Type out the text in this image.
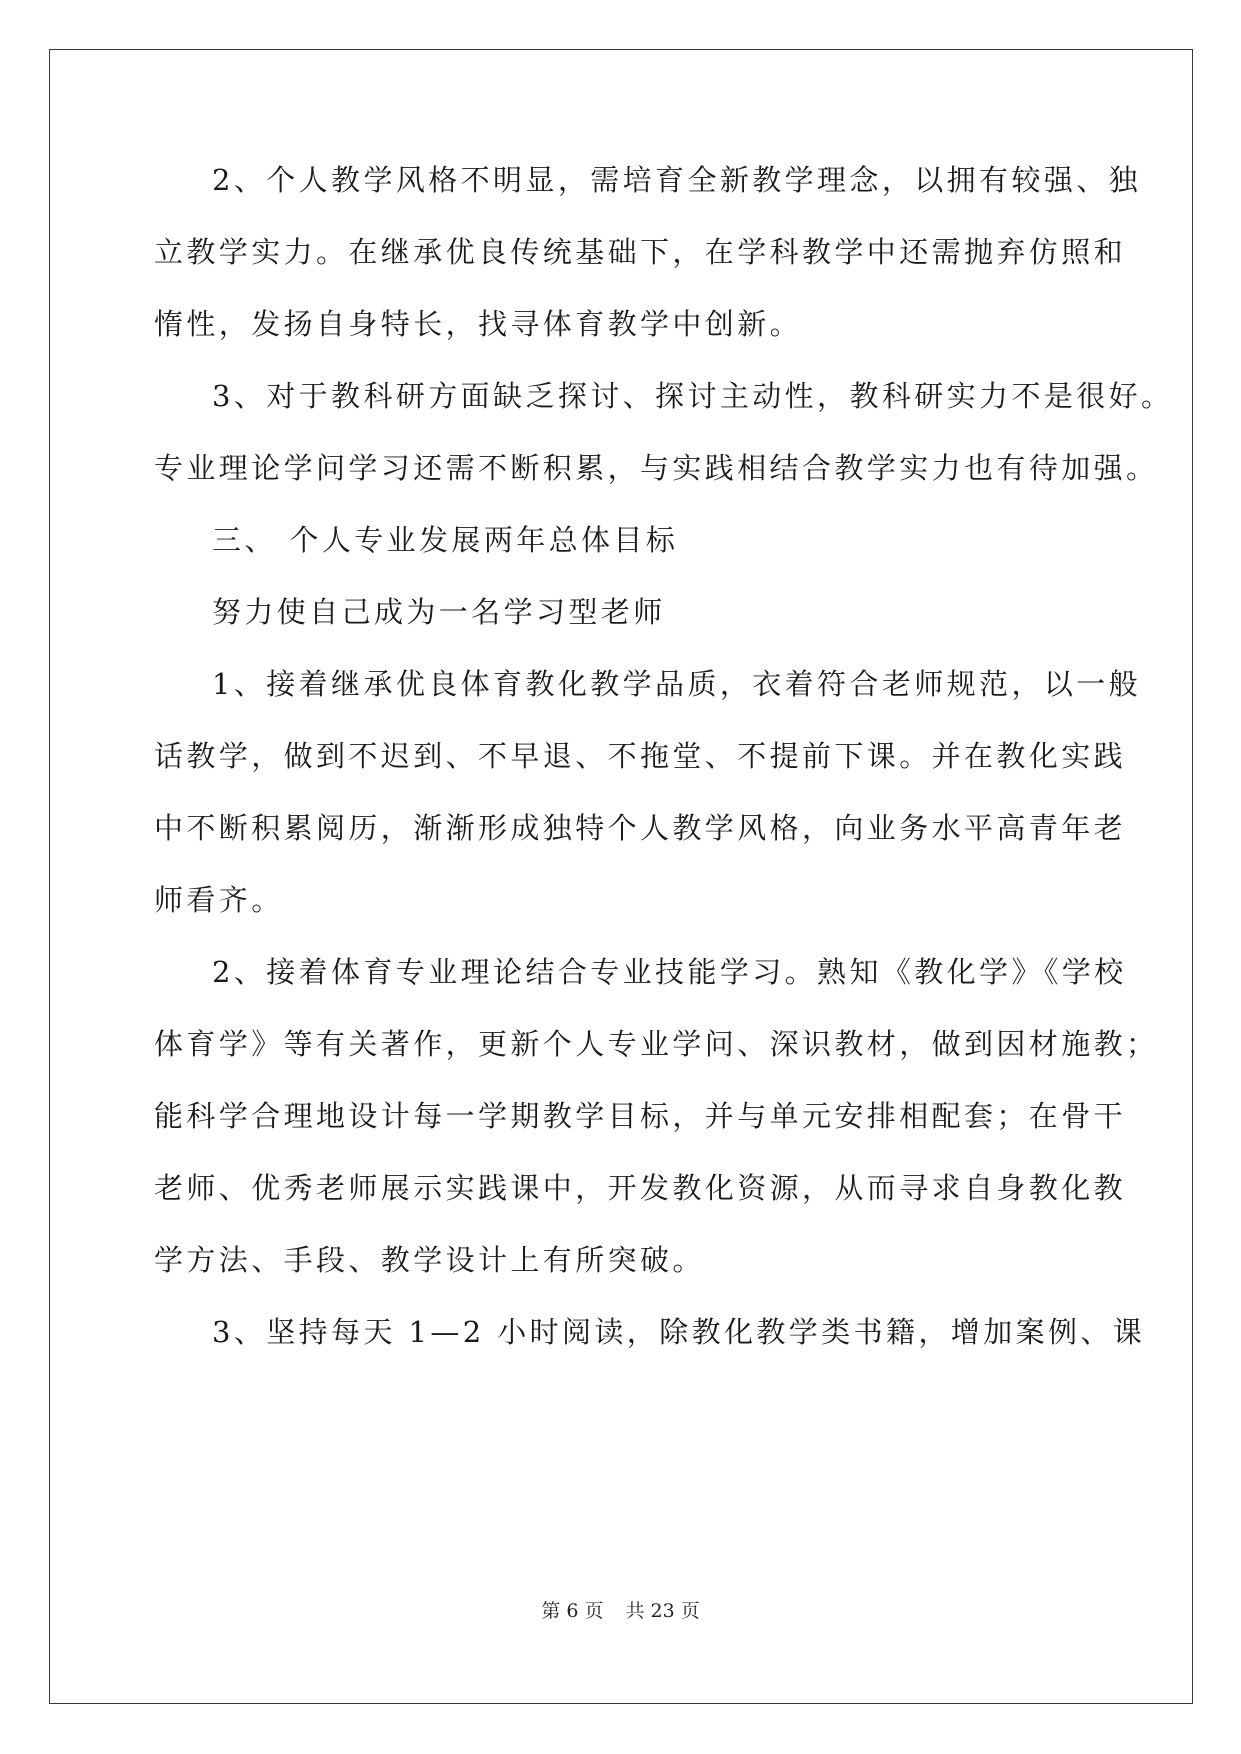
2、个人教学风格不明显，需培育全新教学理念，以拥有较强、独
立教学实力。在继承优良传统基础下，在学科教学中还需抛弃仿照和
惰性，发扬自身特长，找寻体育教学中创新。
3、对于教科研方面缺乏探讨、探讨主动性，教科研实力不是很好。
专业理论学问学习还需不断积累，与实践相结合教学实力也有待加强。
三、 个人专业发展两年总体目标
努力使自己成为一名学习型老师
1、接着继承优良体育教化教学品质，衣着符合老师规范，以一般
话教学，做到不迟到、不早退、不拖堂、不提前下课。并在教化实践
中不断积累阅历，渐渐形成独特个人教学风格，向业务水平高青年老
师看齐。
2、接着体育专业理论结合专业技能学习。熟知《教化学》《学校
体育学》等有关著作，更新个人专业学问、深识教材，做到因材施教；
能科学合理地设计每一学期教学目标，并与单元安排相配套；在骨干
老师、优秀老师展示实践课中，开发教化资源，从而寻求自身教化教
学方法、手段、教学设计上有所突破。
3、坚持每天 1—2 小时阅读，除教化教学类书籍，增加案例、课
第 6 页 共 23 页
